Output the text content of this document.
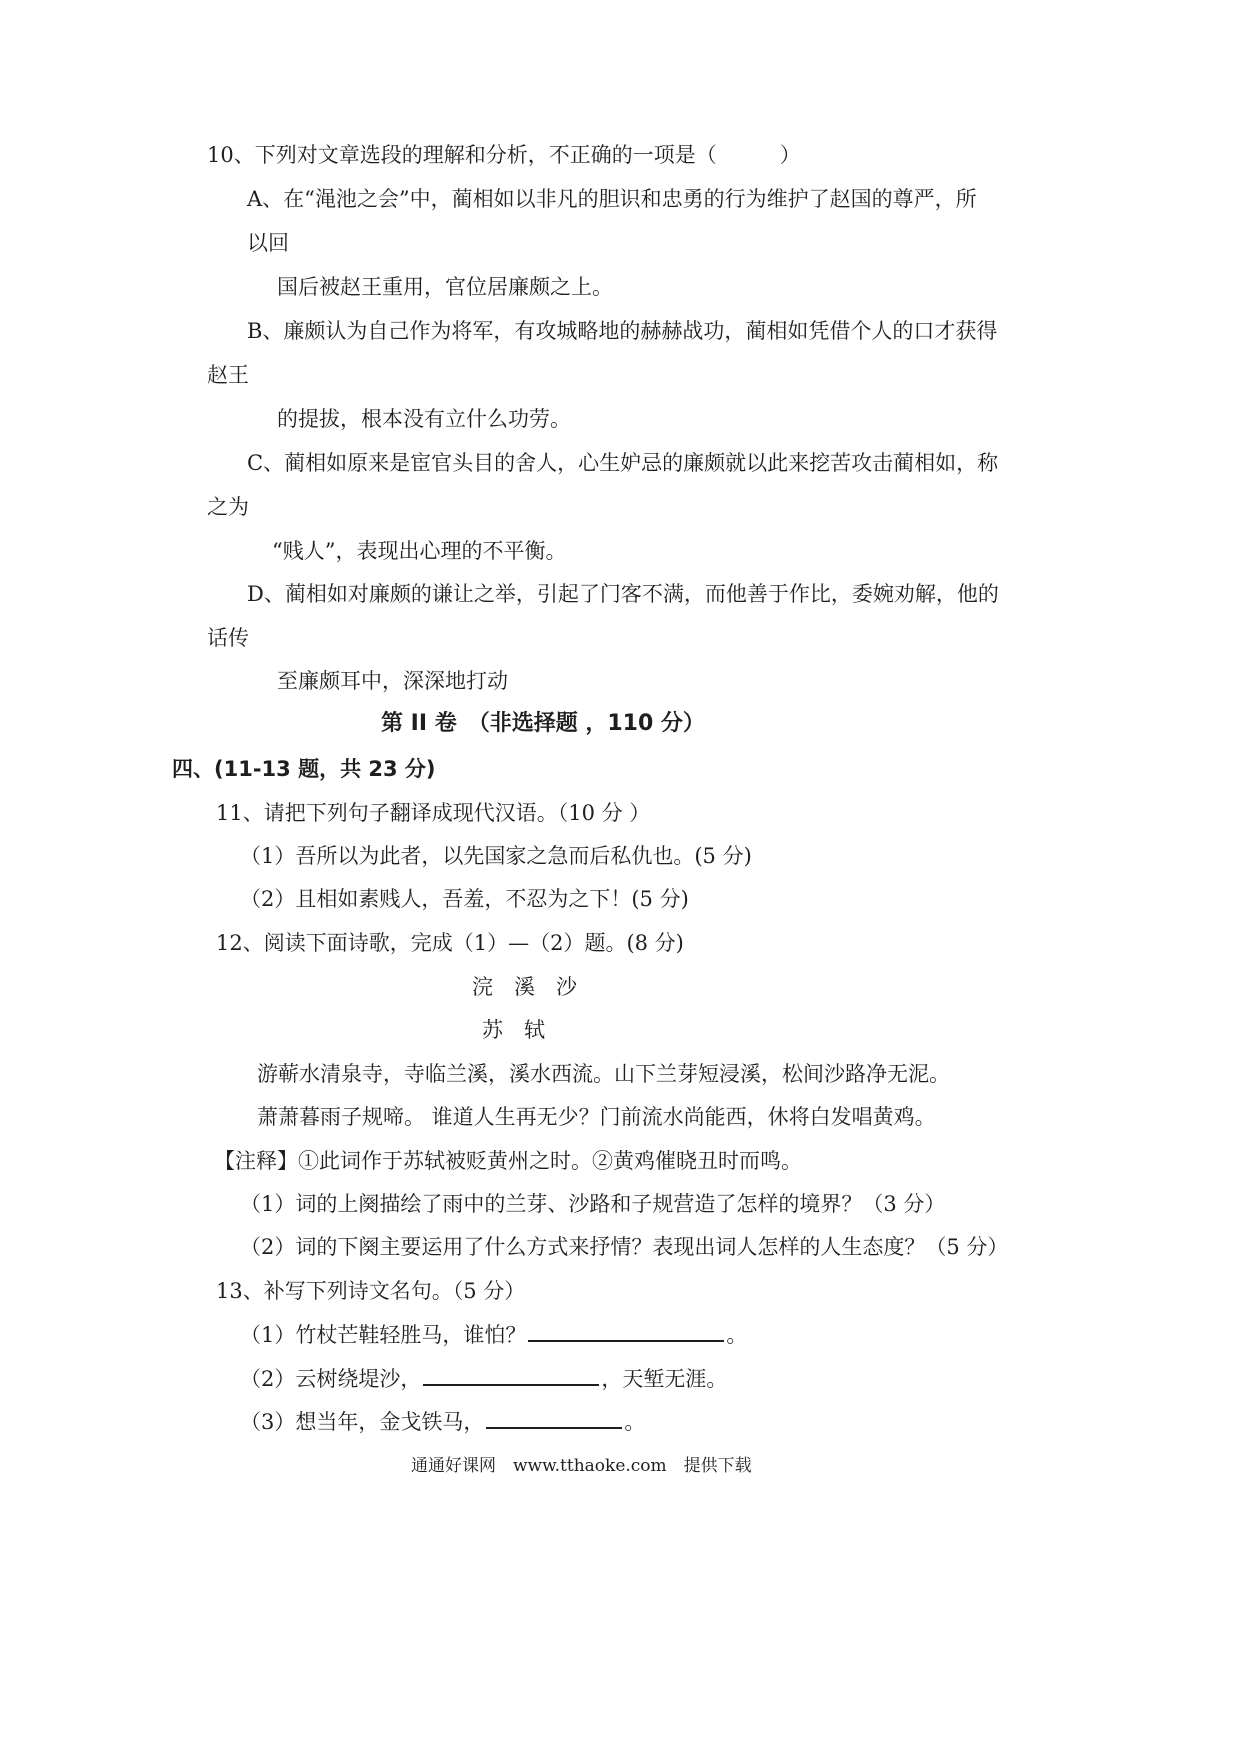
10、下列对文章选段的理解和分析，不正确的一项是（　　　）
A、在“渑池之会”中，蔺相如以非凡的胆识和忠勇的行为维护了赵国的尊严，所
以回
国后被赵王重用，官位居廉颇之上。
B、廉颇认为自己作为将军，有攻城略地的赫赫战功，蔺相如凭借个人的口才获得
赵王
的提拔，根本没有立什么功劳。
C、蔺相如原来是宦官头目的舍人，心生妒忌的廉颇就以此来挖苦攻击蔺相如，称
之为
“贱人”，表现出心理的不平衡。
D、蔺相如对廉颇的谦让之举，引起了门客不满，而他善于作比，委婉劝解，他的
话传
至廉颇耳中，深深地打动
第 II 卷　（非选择题 ，110 分）
四、(11-13 题，共 23 分)
11、请把下列句子翻译成现代汉语。（10 分 ）
（1）吾所以为此者，以先国家之急而后私仇也。(5 分)
（2）且相如素贱人，吾羞，不忍为之下！(5 分)
12、阅读下面诗歌，完成（1）—（2）题。(8 分)
浣　溪　沙
苏　轼
游蕲水清泉寺，寺临兰溪，溪水西流。山下兰芽短浸溪，松间沙路净无泥。
萧萧暮雨子规啼。 谁道人生再无少？门前流水尚能西，休将白发唱黄鸡。
【注释】①此词作于苏轼被贬黄州之时。②黄鸡催晓丑时而鸣。
（1）词的上阕描绘了雨中的兰芽、沙路和子规营造了怎样的境界？（3 分）
（2）词的下阕主要运用了什么方式来抒情？表现出词人怎样的人生态度？（5 分）
13、补写下列诗文名句。（5 分）
（1）竹杖芒鞋轻胜马，谁怕？	。
（2）云树绕堤沙，	，天堑无涯。
（3）想当年，金戈铁马，	。
通通好课网　www.tthaoke.com　提供下载
